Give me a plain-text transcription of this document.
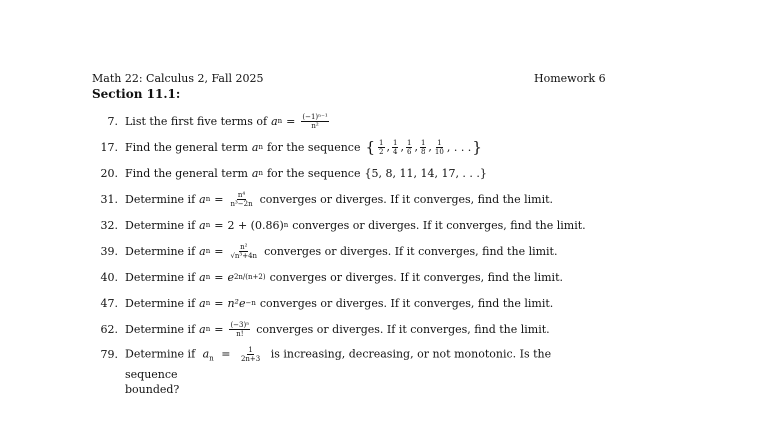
Math 22: Calculus 2, Fall 2025	Homework 6
Section 11.1:
7. List the first five terms of a $n = \frac{\text{(−1)ⁿ⁻¹}}{\text{n²}}$
17. Find the general term a n for the sequence { $\frac{1}{2}$ , $\frac{1}{4}$ , $\frac{1}{6}$ , $\frac{1}{8}$ , $\frac{1}{10}$ , . . . }
20. Find the general term a n for the sequence {5, 8, 11, 14, 17, . . .}
31. Determine if a $n = \frac{\text{n⁴}}{\text{n³−2n}}$ converges or diverges. If it converges, find the limit.
32. Determine if a n = 2 + (0.86) n converges or diverges. If it converges, find the limit.
39. Determine if a $n = \frac{\text{n²}}{\text{√n³+4n}}$ converges or diverges. If it converges, find the limit.
40. Determine if a n = e 2n/(n+2) converges or diverges. If it converges, find the limit.
47. Determine if a n = n²e −n converges or diverges. If it converges, find the limit.
62. Determine if a $n = \frac{\text{(−3)ⁿ}}{n!}$ converges or diverges. If it converges, find the limit.
79. Determine if $a_n = \frac{1}{2n+3}$ is increasing, decreasing, or not monotonic. Is the sequence
bounded?
